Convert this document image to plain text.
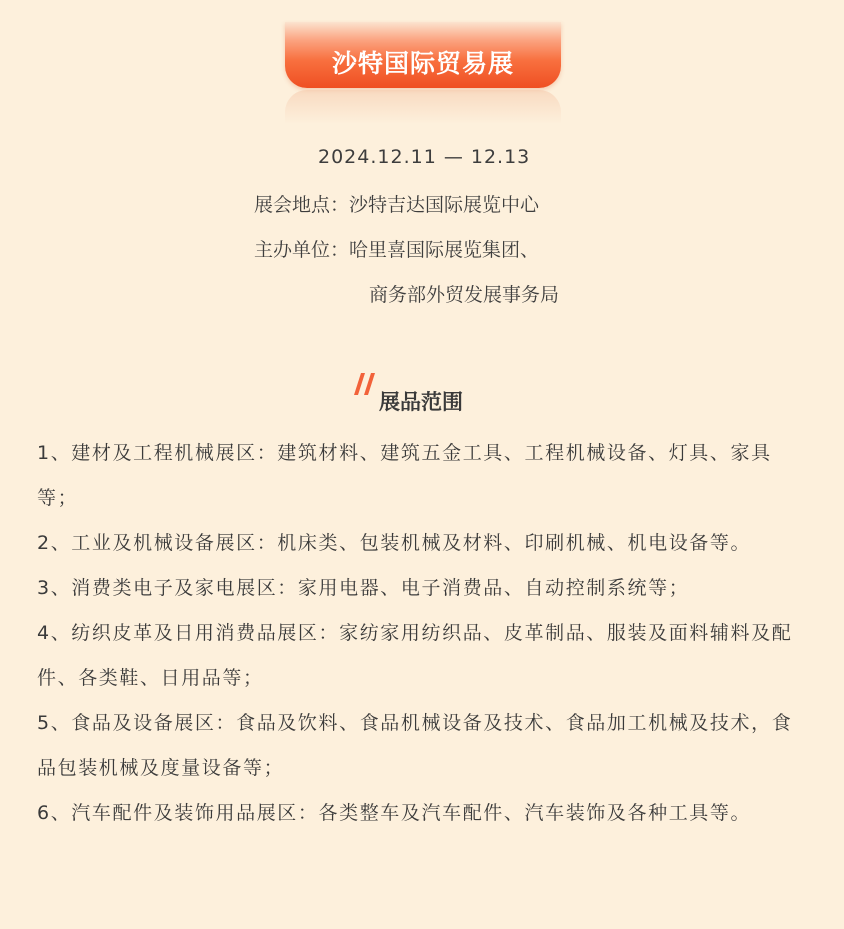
沙特国际贸易展
2024.12.11 — 12.13
展会地点：沙特吉达国际展览中心
主办单位：哈里喜国际展览集团、
商务部外贸发展事务局
展品范围

1、建材及工程机械展区：建筑材料、建筑五金工具、工程机械设备、灯具、家具等；

2、工业及机械设备展区：机床类、包装机械及材料、印刷机械、机电设备等。

3、消费类电子及家电展区：家用电器、电子消费品、自动控制系统等；

4、纺织皮革及日用消费品展区：家纺家用纺织品、皮革制品、服装及面料辅料及配件、各类鞋、日用品等；

5、食品及设备展区：食品及饮料、食品机械设备及技术、食品加工机械及技术，食品包装机械及度量设备等；

6、汽车配件及装饰用品展区：各类整车及汽车配件、汽车装饰及各种工具等。
